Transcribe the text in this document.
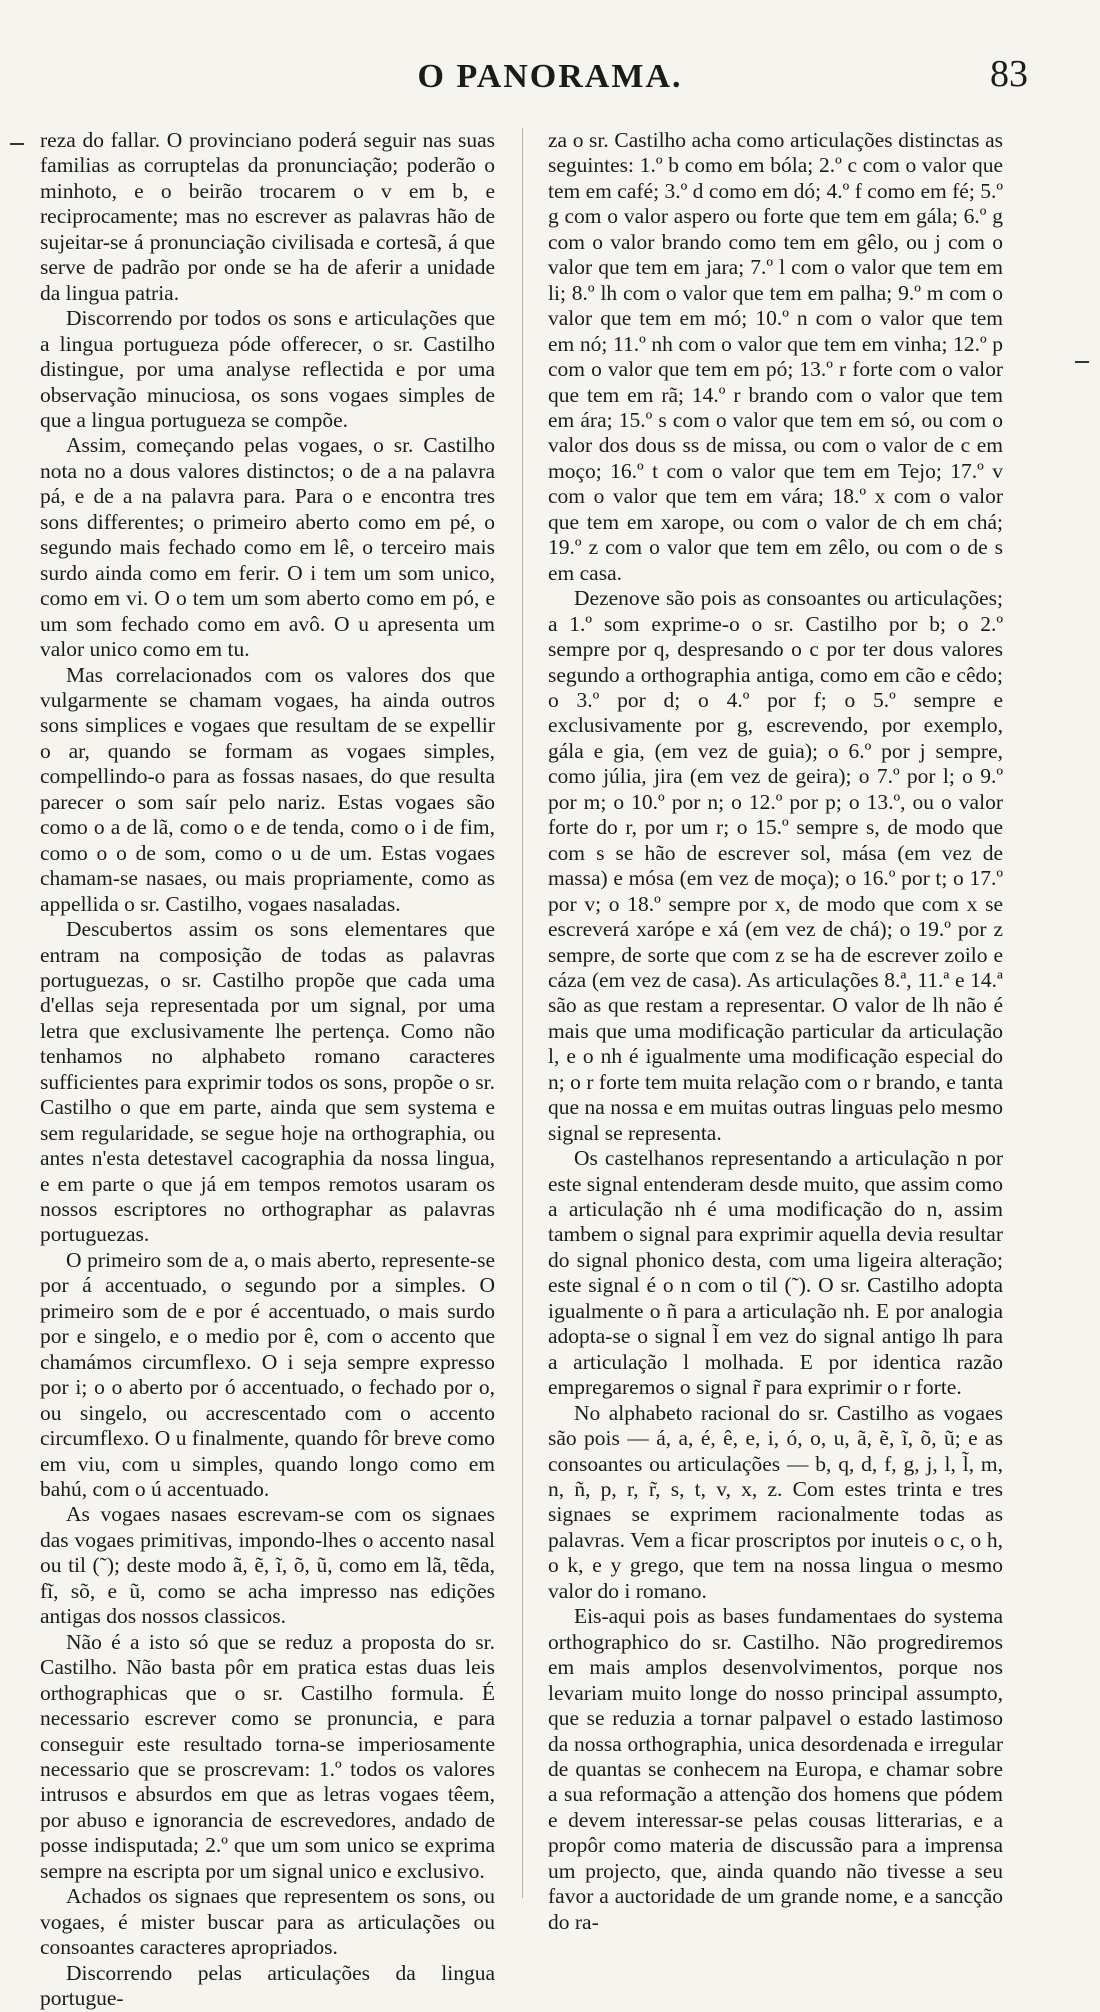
O PANORAMA.	83

reza do fallar. O provinciano poderá seguir nas suas familias as corruptelas da pronunciação; poderão o minhoto, e o beirão trocarem o v em b, e reciprocamente; mas no escrever as palavras hão de sujeitar-se á pronunciação civilisada e cortesã, á que serve de padrão por onde se ha de aferir a unidade da lingua patria.

Discorrendo por todos os sons e articulações que a lingua portugueza póde offerecer, o sr. Castilho distingue, por uma analyse reflectida e por uma observação minuciosa, os sons vogaes simples de que a lingua portugueza se compõe.

Assim, começando pelas vogaes, o sr. Castilho nota no a dous valores distinctos; o de a na palavra pá, e de a na palavra para. Para o e encontra tres sons differentes; o primeiro aberto como em pé, o segundo mais fechado como em lê, o terceiro mais surdo ainda como em ferir. O i tem um som unico, como em vi. O o tem um som aberto como em pó, e um som fechado como em avô. O u apresenta um valor unico como em tu.

Mas correlacionados com os valores dos que vulgarmente se chamam vogaes, ha ainda outros sons simplices e vogaes que resultam de se expellir o ar, quando se formam as vogaes simples, compellindo-o para as fossas nasaes, do que resulta parecer o som saír pelo nariz. Estas vogaes são como o a de lã, como o e de tenda, como o i de fim, como o o de som, como o u de um. Estas vogaes chamam-se nasaes, ou mais propriamente, como as appellida o sr. Castilho, vogaes nasaladas.

Descubertos assim os sons elementares que entram na composição de todas as palavras portuguezas, o sr. Castilho propõe que cada uma d'ellas seja representada por um signal, por uma letra que exclusivamente lhe pertença. Como não tenhamos no alphabeto romano caracteres sufficientes para exprimir todos os sons, propõe o sr. Castilho o que em parte, ainda que sem systema e sem regularidade, se segue hoje na orthographia, ou antes n'esta detestavel cacographia da nossa lingua, e em parte o que já em tempos remotos usaram os nossos escriptores no orthographar as palavras portuguezas.

O primeiro som de a, o mais aberto, represente-se por á accentuado, o segundo por a simples. O primeiro som de e por é accentuado, o mais surdo por e singelo, e o medio por ê, com o accento que chamámos circumflexo. O i seja sempre expresso por i; o o aberto por ó accentuado, o fechado por o, ou singelo, ou accrescentado com o accento circumflexo. O u finalmente, quando fôr breve como em viu, com u simples, quando longo como em bahú, com o ú accentuado.

As vogaes nasaes escrevam-se com os signaes das vogaes primitivas, impondo-lhes o accento nasal ou til (˜); deste modo ã, ẽ, ĩ, õ, ũ, como em lã, tẽda, fĩ, sõ, e ũ, como se acha impresso nas edições antigas dos nossos classicos.

Não é a isto só que se reduz a proposta do sr. Castilho. Não basta pôr em pratica estas duas leis orthographicas que o sr. Castilho formula. É necessario escrever como se pronuncia, e para conseguir este resultado torna-se imperiosamente necessario que se proscrevam: 1.º todos os valores intrusos e absurdos em que as letras vogaes têem, por abuso e ignorancia de escrevedores, andado de posse indisputada; 2.º que um som unico se exprima sempre na escripta por um signal unico e exclusivo.

Achados os signaes que representem os sons, ou vogaes, é mister buscar para as articulações ou consoantes caracteres apropriados.

Discorrendo pelas articulações da lingua portugue-

za o sr. Castilho acha como articulações distinctas as seguintes: 1.º b como em bóla; 2.º c com o valor que tem em café; 3.º d como em dó; 4.º f como em fé; 5.º g com o valor aspero ou forte que tem em gála; 6.º g com o valor brando como tem em gêlo, ou j com o valor que tem em jara; 7.º l com o valor que tem em li; 8.º lh com o valor que tem em palha; 9.º m com o valor que tem em mó; 10.º n com o valor que tem em nó; 11.º nh com o valor que tem em vinha; 12.º p com o valor que tem em pó; 13.º r forte com o valor que tem em rã; 14.º r brando com o valor que tem em ára; 15.º s com o valor que tem em só, ou com o valor dos dous ss de missa, ou com o valor de c em moço; 16.º t com o valor que tem em Tejo; 17.º v com o valor que tem em vára; 18.º x com o valor que tem em xarope, ou com o valor de ch em chá; 19.º z com o valor que tem em zêlo, ou com o de s em casa.

Dezenove são pois as consoantes ou articulações; a 1.º som exprime-o o sr. Castilho por b; o 2.º sempre por q, despresando o c por ter dous valores segundo a orthographia antiga, como em cão e cêdo; o 3.º por d; o 4.º por f; o 5.º sempre e exclusivamente por g, escrevendo, por exemplo, gála e gia, (em vez de guia); o 6.º por j sempre, como júlia, jira (em vez de geira); o 7.º por l; o 9.º por m; o 10.º por n; o 12.º por p; o 13.º, ou o valor forte do r, por um r; o 15.º sempre s, de modo que com s se hão de escrever sol, mása (em vez de massa) e mósa (em vez de moça); o 16.º por t; o 17.º por v; o 18.º sempre por x, de modo que com x se escreverá xarópe e xá (em vez de chá); o 19.º por z sempre, de sorte que com z se ha de escrever zoilo e cáza (em vez de casa). As articulações 8.ª, 11.ª e 14.ª são as que restam a representar. O valor de lh não é mais que uma modificação particular da articulação l, e o nh é igualmente uma modificação especial do n; o r forte tem muita relação com o r brando, e tanta que na nossa e em muitas outras linguas pelo mesmo signal se representa.

Os castelhanos representando a articulação n por este signal entenderam desde muito, que assim como a articulação nh é uma modificação do n, assim tambem o signal para exprimir aquella devia resultar do signal phonico desta, com uma ligeira alteração; este signal é o n com o til (˜). O sr. Castilho adopta igualmente o ñ para a articulação nh. E por analogia adopta-se o signal l̃ em vez do signal antigo lh para a articulação l molhada. E por identica razão empregaremos o signal r̃ para exprimir o r forte.

No alphabeto racional do sr. Castilho as vogaes são pois — á, a, é, ê, e, i, ó, o, u, ã, ẽ, ĩ, õ, ũ; e as consoantes ou articulações — b, q, d, f, g, j, l, l̃, m, n, ñ, p, r, r̃, s, t, v, x, z. Com estes trinta e tres signaes se exprimem racionalmente todas as palavras. Vem a ficar proscriptos por inuteis o c, o h, o k, e y grego, que tem na nossa lingua o mesmo valor do i romano.

Eis-aqui pois as bases fundamentaes do systema orthographico do sr. Castilho. Não progrediremos em mais amplos desenvolvimentos, porque nos levariam muito longe do nosso principal assumpto, que se reduzia a tornar palpavel o estado lastimoso da nossa orthographia, unica desordenada e irregular de quantas se conhecem na Europa, e chamar sobre a sua reformação a attenção dos homens que pódem e devem interessar-se pelas cousas litterarias, e a propôr como materia de discussão para a imprensa um projecto, que, ainda quando não tivesse a seu favor a auctoridade de um grande nome, e a sancção do ra-
